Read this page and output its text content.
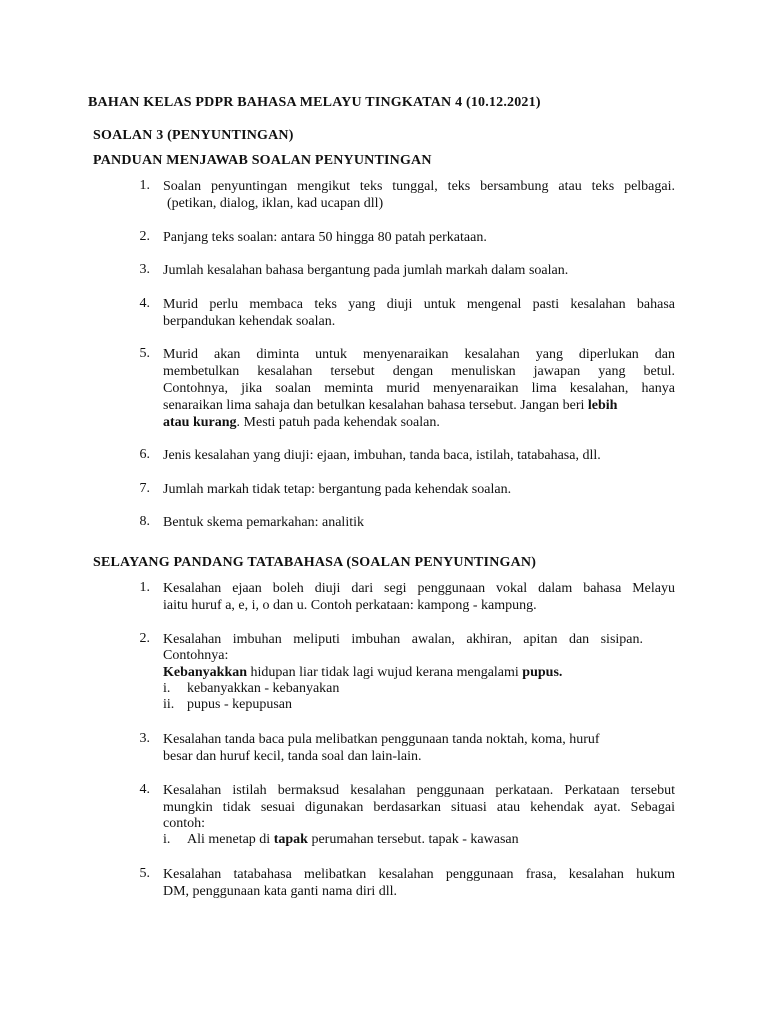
BAHAN KELAS PDPR BAHASA MELAYU TINGKATAN 4 (10.12.2021)
SOALAN 3 (PENYUNTINGAN)
PANDUAN MENJAWAB SOALAN PENYUNTINGAN
1. Soalan penyuntingan mengikut teks tunggal, teks bersambung atau teks pelbagai.
(petikan, dialog, iklan, kad ucapan dll)
2. Panjang teks soalan: antara 50 hingga 80 patah perkataan.
3. Jumlah kesalahan bahasa bergantung pada jumlah markah dalam soalan.
4. Murid perlu membaca teks yang diuji untuk mengenal pasti kesalahan bahasa
berpandukan kehendak soalan.
5. Murid akan diminta untuk menyenaraikan kesalahan yang diperlukan dan
membetulkan kesalahan tersebut dengan menuliskan jawapan yang betul.
Contohnya, jika soalan meminta murid menyenaraikan lima kesalahan, hanya
senaraikan lima sahaja dan betulkan kesalahan bahasa tersebut. Jangan beri lebih
atau kurang. Mesti patuh pada kehendak soalan.
6. Jenis kesalahan yang diuji: ejaan, imbuhan, tanda baca, istilah, tatabahasa, dll.
7. Jumlah markah tidak tetap: bergantung pada kehendak soalan.
8. Bentuk skema pemarkahan: analitik
SELAYANG PANDANG TATABAHASA (SOALAN PENYUNTINGAN)
1. Kesalahan ejaan boleh diuji dari segi penggunaan vokal dalam bahasa Melayu
iaitu huruf a, e, i, o dan u. Contoh perkataan: kampong - kampung.
2. Kesalahan imbuhan meliputi imbuhan awalan, akhiran, apitan dan sisipan.
Contohnya:
Kebanyakkan hidupan liar tidak lagi wujud kerana mengalami pupus.
i. kebanyakkan - kebanyakan
ii. pupus - kepupusan
3. Kesalahan tanda baca pula melibatkan penggunaan tanda noktah, koma, huruf
besar dan huruf kecil, tanda soal dan lain-lain.
4. Kesalahan istilah bermaksud kesalahan penggunaan perkataan. Perkataan tersebut
mungkin tidak sesuai digunakan berdasarkan situasi atau kehendak ayat. Sebagai
contoh:
i. Ali menetap di tapak perumahan tersebut. tapak - kawasan
5. Kesalahan tatabahasa melibatkan kesalahan penggunaan frasa, kesalahan hukum
DM, penggunaan kata ganti nama diri dll.
